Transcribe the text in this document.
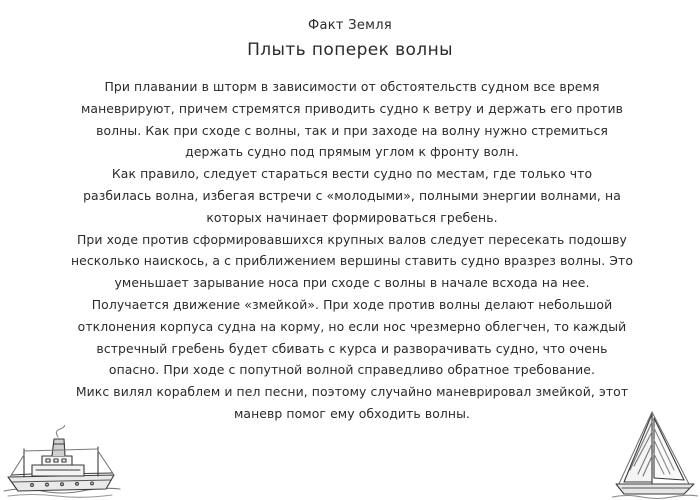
Факт Земля
Плыть поперек волны
При плавании в шторм в зависимости от обстоятельств судном все время
маневрируют, причем стремятся приводить судно к ветру и держать его против
волны. Как при сходе с волны, так и при заходе на волну нужно стремиться
держать судно под прямым углом к фронту волн.
Как правило, следует стараться вести судно по местам, где только что
разбилась волна, избегая встречи с «молодыми», полными энергии волнами, на
которых начинает формироваться гребень.
При ходе против сформировавшихся крупных валов следует пересекать подошву
несколько наискось, а с приближением вершины ставить судно вразрез волны. Это
уменьшает зарывание носа при сходе с волны в начале всхода на нее.
Получается движение «змейкой». При ходе против волны делают небольшой
отклонения корпуса судна на корму, но если нос чрезмерно облегчен, то каждый
встречный гребень будет сбивать с курса и разворачивать судно, что очень
опасно. При ходе с попутной волной справедливо обратное требование.
Микс вилял кораблем и пел песни, поэтому случайно маневрировал змейкой, этот
маневр помог ему обходить волны.
